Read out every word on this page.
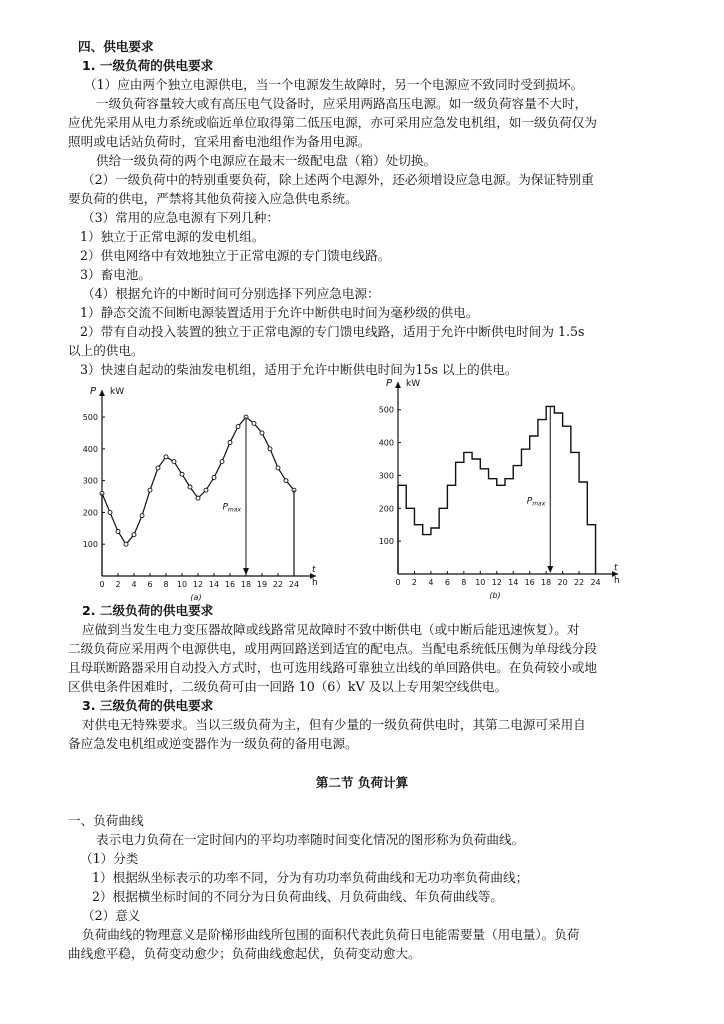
四、供电要求
1. 一级负荷的供电要求
（1）应由两个独立电源供电，当一个电源发生故障时，另一个电源应不致同时受到损坏。
一级负荷容量较大或有高压电气设备时，应采用两路高压电源。如一级负荷容量不大时，
应优先采用从电力系统或临近单位取得第二低压电源，亦可采用应急发电机组，如一级负荷仅为
照明或电话站负荷时，宜采用畜电池组作为备用电源。
供给一级负荷的两个电源应在最末一级配电盘（箱）处切换。
（2）一级负荷中的特别重要负荷，除上述两个电源外，还必须增设应急电源。为保证特别重
要负荷的供电，严禁将其他负荷接入应急供电系统。
（3）常用的应急电源有下列几种：
1）独立于正常电源的发电机组。
2）供电网络中有效地独立于正常电源的专门馈电线路。
3）畜电池。
（4）根据允许的中断时间可分别选择下列应急电源：
1）静态交流不间断电源装置适用于允许中断供电时间为毫秒级的供电。
2）带有自动投入装置的独立于正常电源的专门馈电线路，适用于允许中断供电时间为 1.5s
以上的供电。
3）快速自起动的柴油发电机组，适用于允许中断供电时间为15s 以上的供电。
P kW
t
h
100
200
300
400
500
0 2 4 6 8 10 12 14 16 18 19 22 24
$P_{max}$
(a)
P kW
t
h
100
200
300
400
500
0 2 4 6 8 10 12 14 16 18 20 22 24
$P_{max}$
(b)
2. 二级负荷的供电要求
应做到当发生电力变压器故障或线路常见故障时不致中断供电（或中断后能迅速恢复）。对
二级负荷应采用两个电源供电，或用两回路送到适宜的配电点。当配电系统低压侧为单母线分段
且母联断路器采用自动投入方式时，也可选用线路可靠独立出线的单回路供电。在负荷较小或地
区供电条件困难时，二级负荷可由一回路 10（6）kV 及以上专用架空线供电。
3. 三级负荷的供电要求
对供电无特殊要求。当以三级负荷为主，但有少量的一级负荷供电时，其第二电源可采用自
备应急发电机组或逆变器作为一级负荷的备用电源。
第二节 负荷计算
一、负荷曲线
表示电力负荷在一定时间内的平均功率随时间变化情况的图形称为负荷曲线。
（1）分类
1）根据纵坐标表示的功率不同，分为有功功率负荷曲线和无功功率负荷曲线；
2）根据横坐标时间的不同分为日负荷曲线、月负荷曲线、年负荷曲线等。
（2）意义
负荷曲线的物理意义是阶梯形曲线所包围的面积代表此负荷日电能需要量（用电量）。负荷
曲线愈平稳，负荷变动愈少；负荷曲线愈起伏，负荷变动愈大。
